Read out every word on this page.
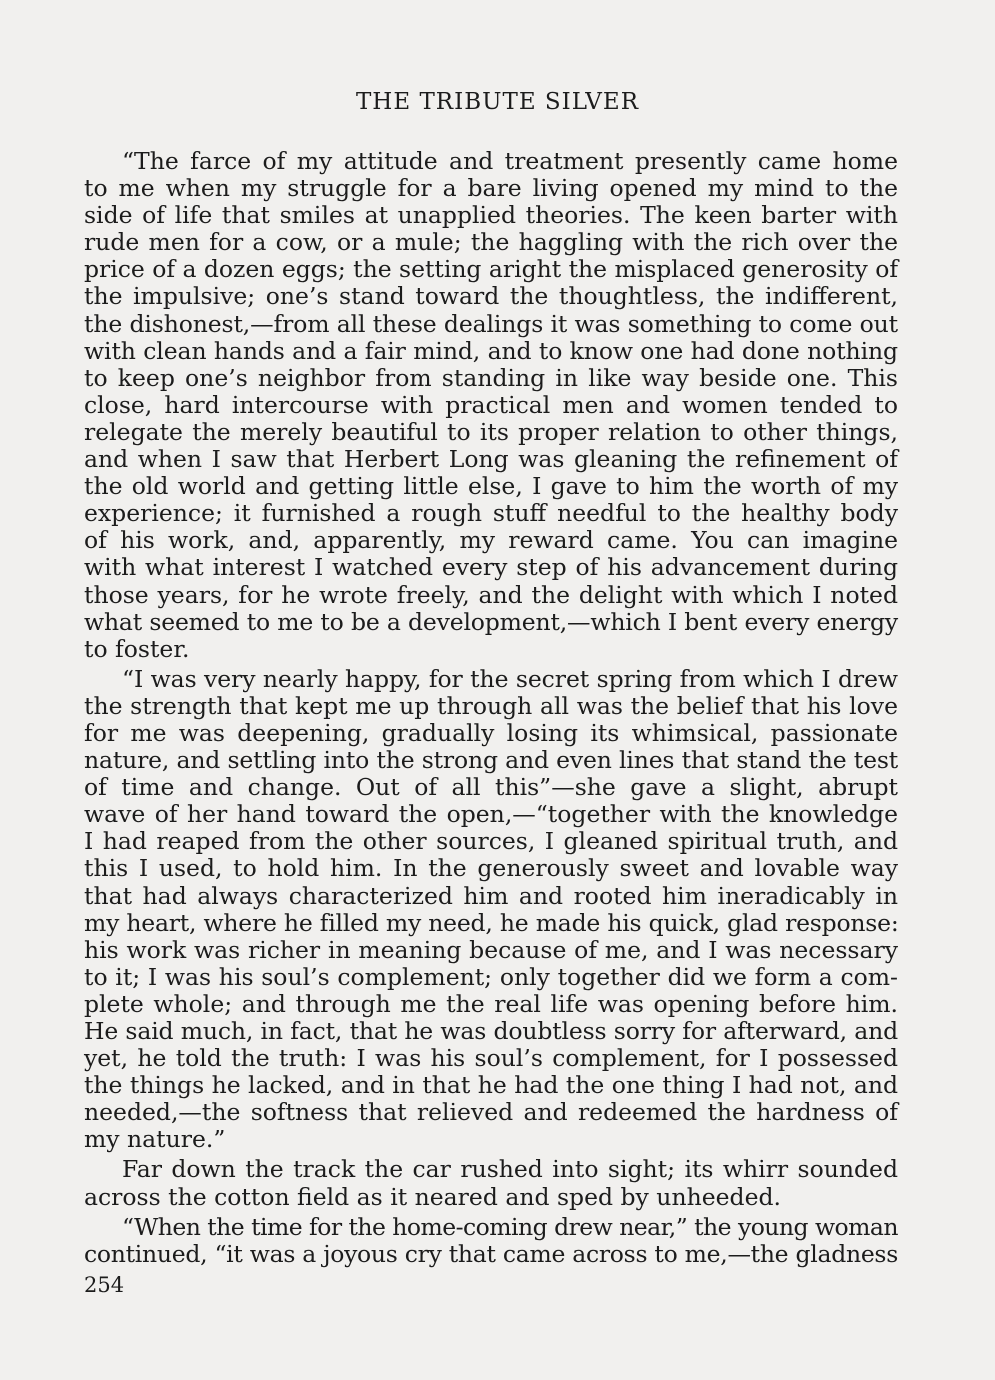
THE TRIBUTE SILVER
“The farce of my attitude and treatment presently came home
to me when my struggle for a bare living opened my mind to the
side of life that smiles at unapplied theories. The keen barter with
rude men for a cow, or a mule; the haggling with the rich over the
price of a dozen eggs; the setting aright the misplaced generosity of
the impulsive; one’s stand toward the thoughtless, the indifferent,
the dishonest,—from all these dealings it was something to come out
with clean hands and a fair mind, and to know one had done nothing
to keep one’s neighbor from standing in like way beside one. This
close, hard intercourse with practical men and women tended to
relegate the merely beautiful to its proper relation to other things,
and when I saw that Herbert Long was gleaning the refinement of
the old world and getting little else, I gave to him the worth of my
experience; it furnished a rough stuff needful to the healthy body
of his work, and, apparently, my reward came. You can imagine
with what interest I watched every step of his advancement during
those years, for he wrote freely, and the delight with which I noted
what seemed to me to be a development,—which I bent every energy
to foster.
“I was very nearly happy, for the secret spring from which I drew
the strength that kept me up through all was the belief that his love
for me was deepening, gradually losing its whimsical, passionate
nature, and settling into the strong and even lines that stand the test
of time and change. Out of all this”—she gave a slight, abrupt
wave of her hand toward the open,—“together with the knowledge
I had reaped from the other sources, I gleaned spiritual truth, and
this I used, to hold him. In the generously sweet and lovable way
that had always characterized him and rooted him ineradicably in
my heart, where he filled my need, he made his quick, glad response:
his work was richer in meaning because of me, and I was necessary
to it; I was his soul’s complement; only together did we form a com-
plete whole; and through me the real life was opening before him.
He said much, in fact, that he was doubtless sorry for afterward, and
yet, he told the truth: I was his soul’s complement, for I possessed
the things he lacked, and in that he had the one thing I had not, and
needed,—the softness that relieved and redeemed the hardness of
my nature.”
Far down the track the car rushed into sight; its whirr sounded
across the cotton field as it neared and sped by unheeded.
“When the time for the home-coming drew near,” the young woman
continued, “it was a joyous cry that came across to me,—the gladness
254
